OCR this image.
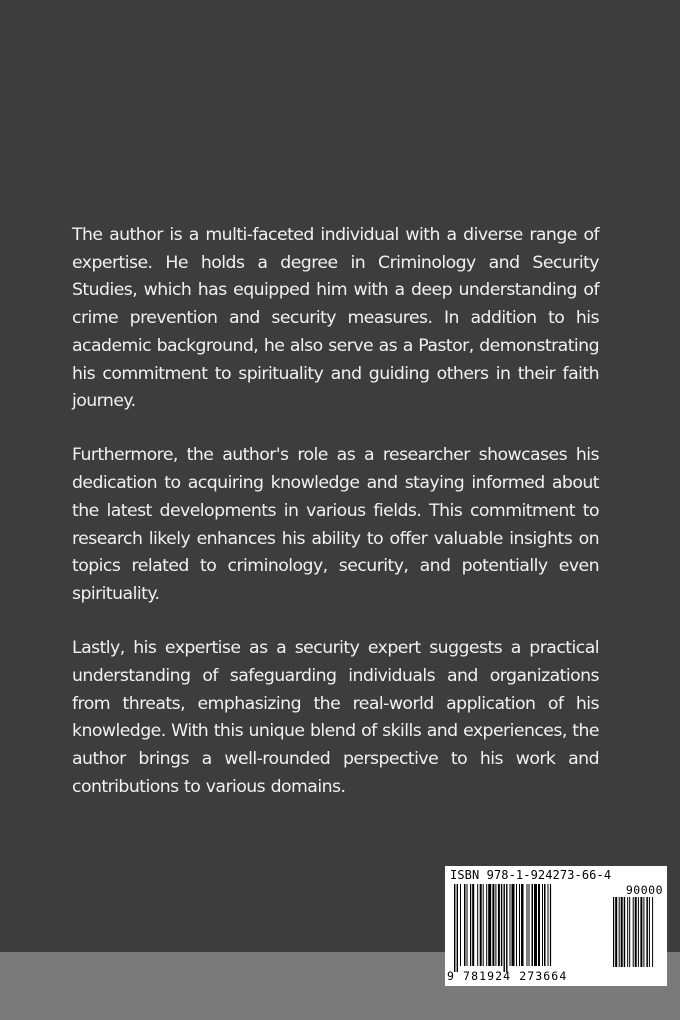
The author is a multi-faceted individual with a diverse range of expertise. He holds a degree in Criminology and Security Studies, which has equipped him with a deep understanding of crime prevention and security measures. In addition to his academic background, he also serve as a Pastor, demonstrating his commitment to spirituality and guiding others in their faith journey.

Furthermore, the author's role as a researcher showcases his dedication to acquiring knowledge and staying informed about the latest developments in various fields. This commitment to research likely enhances his ability to offer valuable insights on topics related to criminology, security, and potentially even spirituality.

Lastly, his expertise as a security expert suggests a practical understanding of safeguarding individuals and organizations from threats, emphasizing the real-world application of his knowledge. With this unique blend of skills and experiences, the author brings a well-rounded perspective to his work and contributions to various domains.

ISBN 978-1-924273-66-4
90000
9 781924 273664
